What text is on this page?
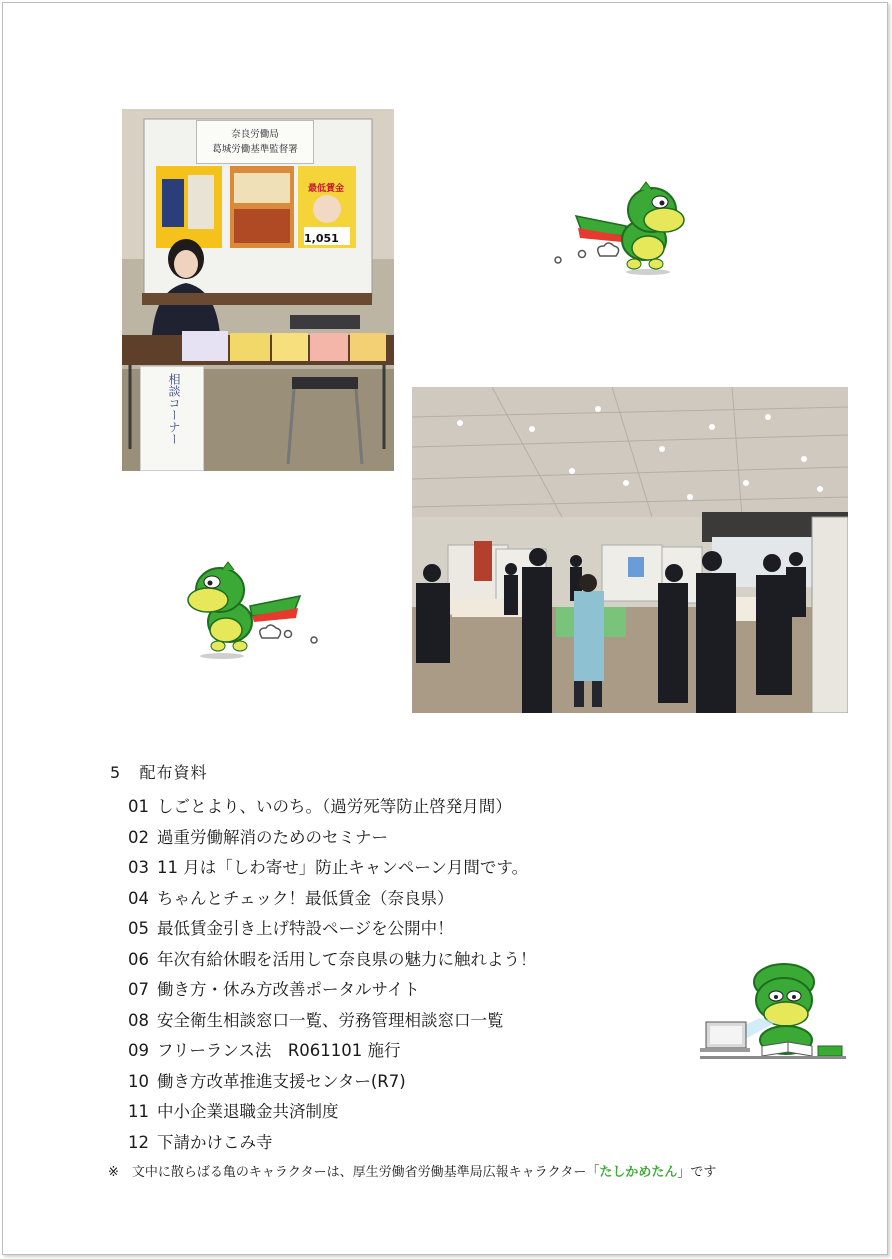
奈良労働局
葛城労働基準監督署
最低賃金
1,051
相談コーナー
5 配布資料
01 しごとより、いのち。（過労死等防止啓発月間）
02 過重労働解消のためのセミナー
03 11 月は「しわ寄せ」防止キャンペーン月間です。
04 ちゃんとチェック！最低賃金（奈良県）
05 最低賃金引き上げ特設ページを公開中！
06 年次有給休暇を活用して奈良県の魅力に触れよう！
07 働き方・休み方改善ポータルサイト
08 安全衛生相談窓口一覧、労務管理相談窓口一覧
09 フリーランス法　R061101 施行
10 働き方改革推進支援センター(R7)
11 中小企業退職金共済制度
12 下請かけこみ寺
※　文中に散らばる亀のキャラクターは、厚生労働省労働基準局広報キャラクター「たしかめたん」です
